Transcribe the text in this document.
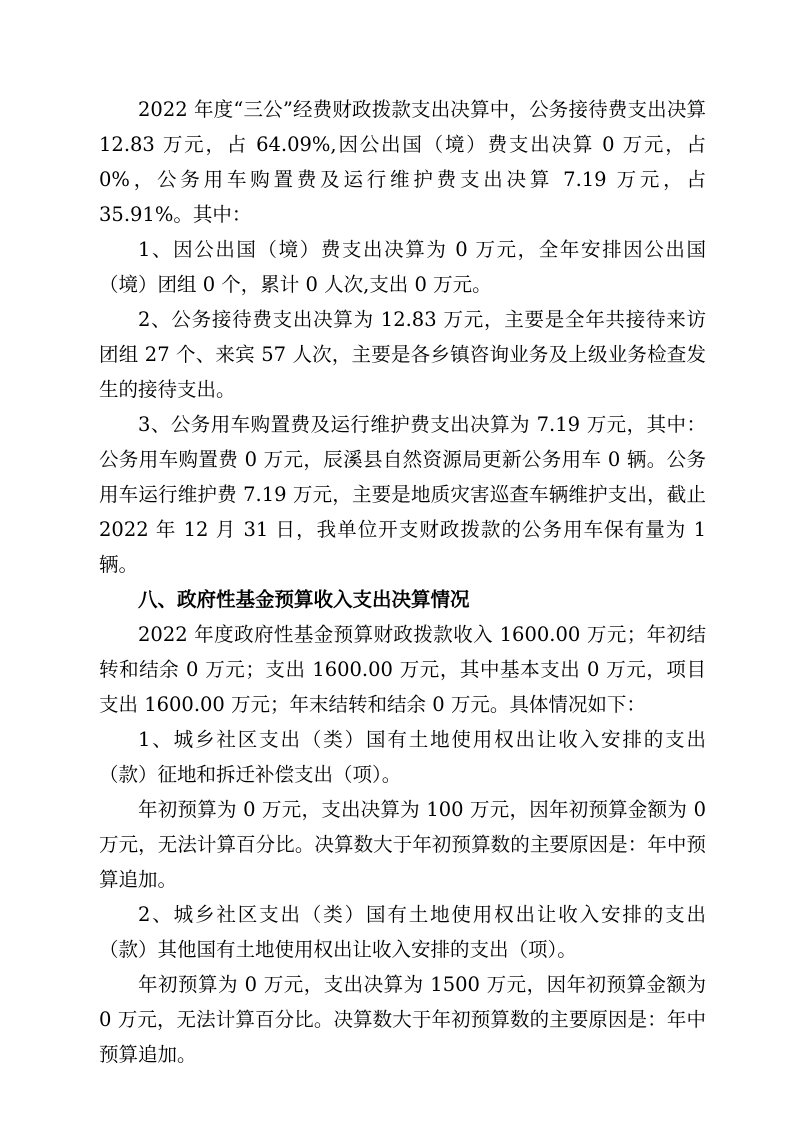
2022 年度“三公”经费财政拨款支出决算中，公务接待费支出决算 12.83 万元，占 64.09%,因公出国（境）费支出决算 0 万元，占 0%，公务用车购置费及运行维护费支出决算 7.19 万元，占 35.91%。其中：

1、因公出国（境）费支出决算为 0 万元，全年安排因公出国（境）团组 0 个，累计 0 人次,支出 0 万元。

2、公务接待费支出决算为 12.83 万元，主要是全年共接待来访团组 27 个、来宾 57 人次，主要是各乡镇咨询业务及上级业务检查发生的接待支出。

3、公务用车购置费及运行维护费支出决算为 7.19 万元，其中：公务用车购置费 0 万元，辰溪县自然资源局更新公务用车 0 辆。公务用车运行维护费 7.19 万元，主要是地质灾害巡查车辆维护支出，截止 2022 年 12 月 31 日，我单位开支财政拨款的公务用车保有量为 1 辆。

八、政府性基金预算收入支出决算情况

2022 年度政府性基金预算财政拨款收入 1600.00 万元；年初结转和结余 0 万元；支出 1600.00 万元，其中基本支出 0 万元，项目支出 1600.00 万元；年末结转和结余 0 万元。具体情况如下：

1、城乡社区支出（类）国有土地使用权出让收入安排的支出（款）征地和拆迁补偿支出（项）。

年初预算为 0 万元，支出决算为 100 万元，因年初预算金额为 0 万元，无法计算百分比。决算数大于年初预算数的主要原因是：年中预算追加。

2、城乡社区支出（类）国有土地使用权出让收入安排的支出（款）其他国有土地使用权出让收入安排的支出（项）。

年初预算为 0 万元，支出决算为 1500 万元，因年初预算金额为 0 万元，无法计算百分比。决算数大于年初预算数的主要原因是：年中预算追加。
